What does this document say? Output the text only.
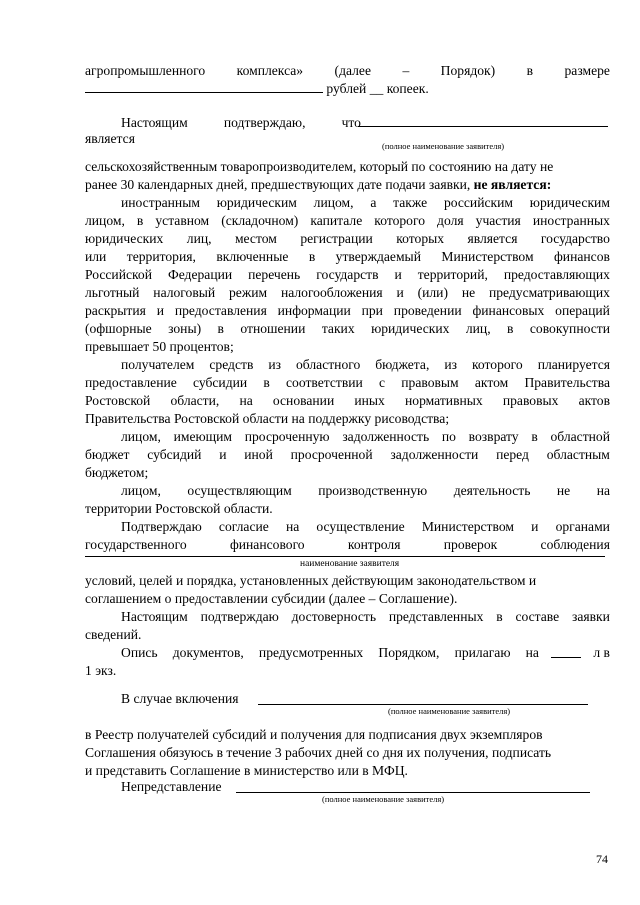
агропромышленного комплекса» (далее – Порядок) в размере
рублей __ копеек.
Настоящим	подтверждаю,	что
является	(полное наименование заявителя)
сельскохозяйственным товаропроизводителем, который по состоянию на дату не
ранее 30 календарных дней, предшествующих дате подачи заявки, не является:
иностранным юридическим лицом, а также российским юридическим
лицом, в уставном (складочном) капитале которого доля участия иностранных
юридических лиц, местом регистрации которых является государство
или территория, включенные в утверждаемый Министерством финансов
Российской Федерации перечень государств и территорий, предоставляющих
льготный налоговый режим налогообложения и (или) не предусматривающих
раскрытия и предоставления информации при проведении финансовых операций
(офшорные зоны) в отношении таких юридических лиц, в совокупности
превышает 50 процентов;
получателем средств из областного бюджета, из которого планируется
предоставление субсидии в соответствии с правовым актом Правительства
Ростовской области, на основании иных нормативных правовых актов
Правительства Ростовской области на поддержку рисоводства;
лицом, имеющим просроченную задолженность по возврату в областной
бюджет субсидий и иной просроченной задолженности перед областным
бюджетом;
лицом, осуществляющим производственную деятельность не на
территории Ростовской области.
Подтверждаю согласие на осуществление Министерством и органами
государственного	финансового	контроля	проверок	соблюдения
наименование заявителя
условий, целей и порядка, установленных действующим законодательством и
соглашением о предоставлении субсидии (далее – Соглашение).
Настоящим подтверждаю достоверность представленных в составе заявки
сведений.
Опись документов, предусмотренных Порядком, прилагаю на	л в
1 экз.
В случае включения
(полное наименование заявителя)
в Реестр получателей субсидий и получения для подписания двух экземпляров
Соглашения обязуюсь в течение 3 рабочих дней со дня их получения, подписать
и представить Соглашение в министерство или в МФЦ.
Непредставление
(полное наименование заявителя)
74
